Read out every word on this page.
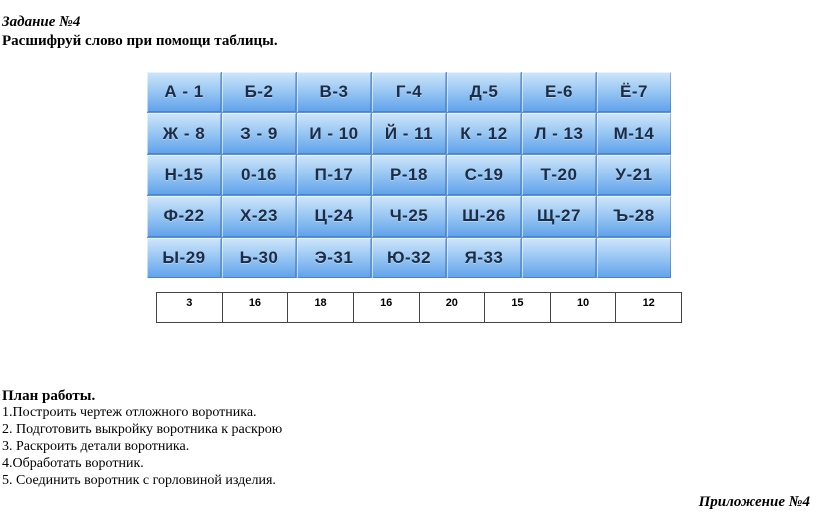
Задание №4
Расшифруй слово при помощи таблицы.
А - 1	Б-2	В-3	Г-4	Д-5	Е-6	Ё-7
Ж - 8	З - 9	И - 10	Й - 11	К - 12	Л - 13	М-14
Н-15	0-16	П-17	Р-18	С-19	Т-20	У-21
Ф-22	Х-23	Ц-24	Ч-25	Ш-26	Щ-27	Ъ-28
Ы-29	Ь-30	Э-31	Ю-32	Я-33
3	16	18	16	20	15	10	12
План работы.
1.Построить чертеж отложного воротника.
2. Подготовить выкройку воротника к раскрою
3. Раскроить детали воротника.
4.Обработать воротник.
5. Соединить воротник с горловиной изделия.
Приложение №4
